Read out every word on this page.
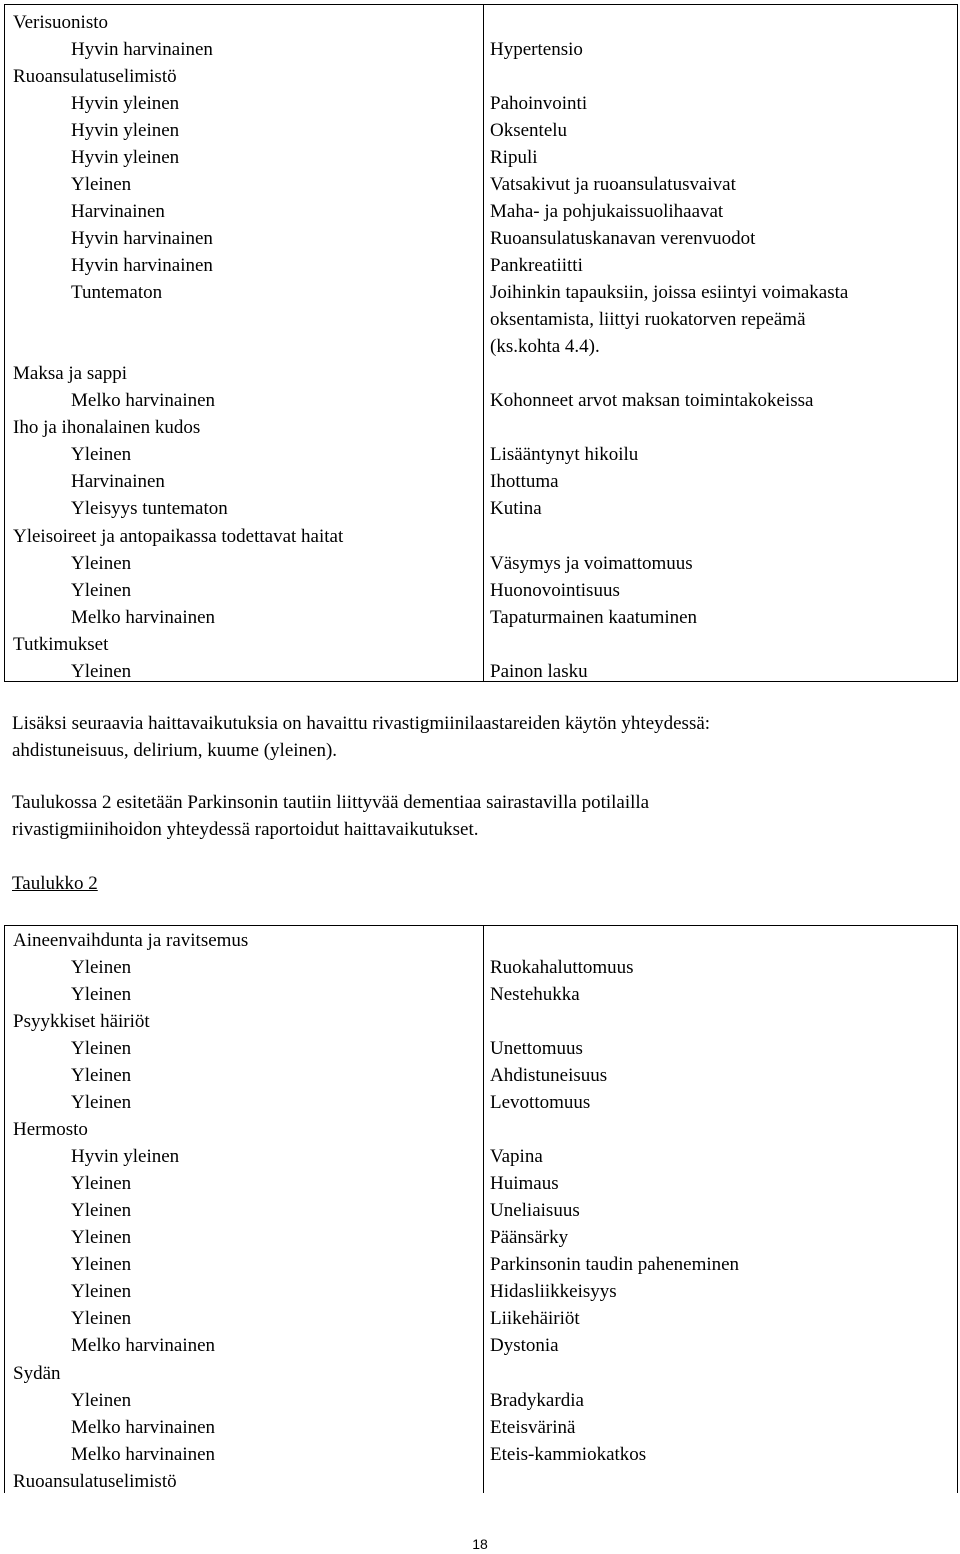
Verisuonisto
Hyvin harvinainen
Ruoansulatuselimistö
Hyvin yleinen
Hyvin yleinen
Hyvin yleinen
Yleinen
Harvinainen
Hyvin harvinainen
Hyvin harvinainen
Tuntematon
Maksa ja sappi
Melko harvinainen
Iho ja ihonalainen kudos
Yleinen
Harvinainen
Yleisyys tuntematon
Yleisoireet ja antopaikassa todettavat haitat
Yleinen
Yleinen
Melko harvinainen
Tutkimukset
Yleinen
Hypertensio
Pahoinvointi
Oksentelu
Ripuli
Vatsakivut ja ruoansulatusvaivat
Maha- ja pohjukaissuolihaavat
Ruoansulatuskanavan verenvuodot
Pankreatiitti
Joihinkin tapauksiin, joissa esiintyi voimakasta
oksentamista, liittyi ruokatorven repeämä
(ks.kohta 4.4).
Kohonneet arvot maksan toimintakokeissa
Lisääntynyt hikoilu
Ihottuma
Kutina
Väsymys ja voimattomuus
Huonovointisuus
Tapaturmainen kaatuminen
Painon lasku
Lisäksi seuraavia haittavaikutuksia on havaittu rivastigmiinilaastareiden käytön yhteydessä:
ahdistuneisuus, delirium, kuume (yleinen).
Taulukossa 2 esitetään Parkinsonin tautiin liittyvää dementiaa sairastavilla potilailla
rivastigmiinihoidon yhteydessä raportoidut haittavaikutukset.
Taulukko 2
Aineenvaihdunta ja ravitsemus
Yleinen
Yleinen
Psyykkiset häiriöt
Yleinen
Yleinen
Yleinen
Hermosto
Hyvin yleinen
Yleinen
Yleinen
Yleinen
Yleinen
Yleinen
Yleinen
Melko harvinainen
Sydän
Yleinen
Melko harvinainen
Melko harvinainen
Ruoansulatuselimistö
Ruokahaluttomuus
Nestehukka
Unettomuus
Ahdistuneisuus
Levottomuus
Vapina
Huimaus
Uneliaisuus
Päänsärky
Parkinsonin taudin paheneminen
Hidasliikkeisyys
Liikehäiriöt
Dystonia
Bradykardia
Eteisvärinä
Eteis-kammiokatkos
18
